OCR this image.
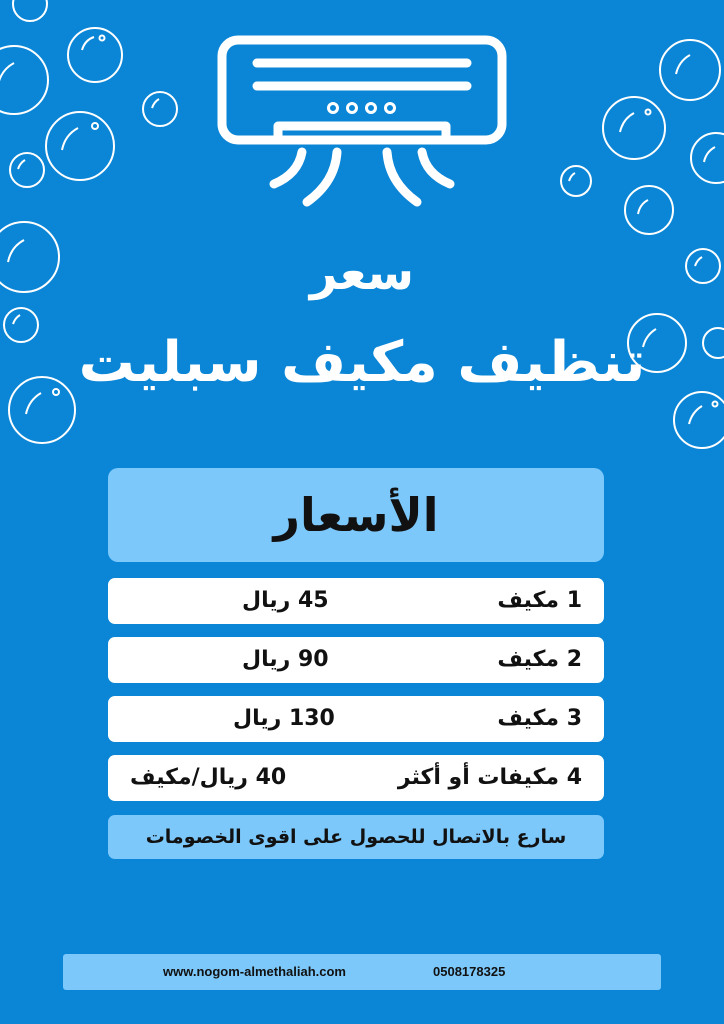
سعر
تنظيف مكيف سبليت
الأسعار
1 مكيف
45 ريال
2 مكيف
90 ريال
3 مكيف
130 ريال
4 مكيفات أو أكثر
40 ريال/مكيف
سارع بالاتصال للحصول على اقوى الخصومات
www.nogom-almethaliah.com	0508178325
